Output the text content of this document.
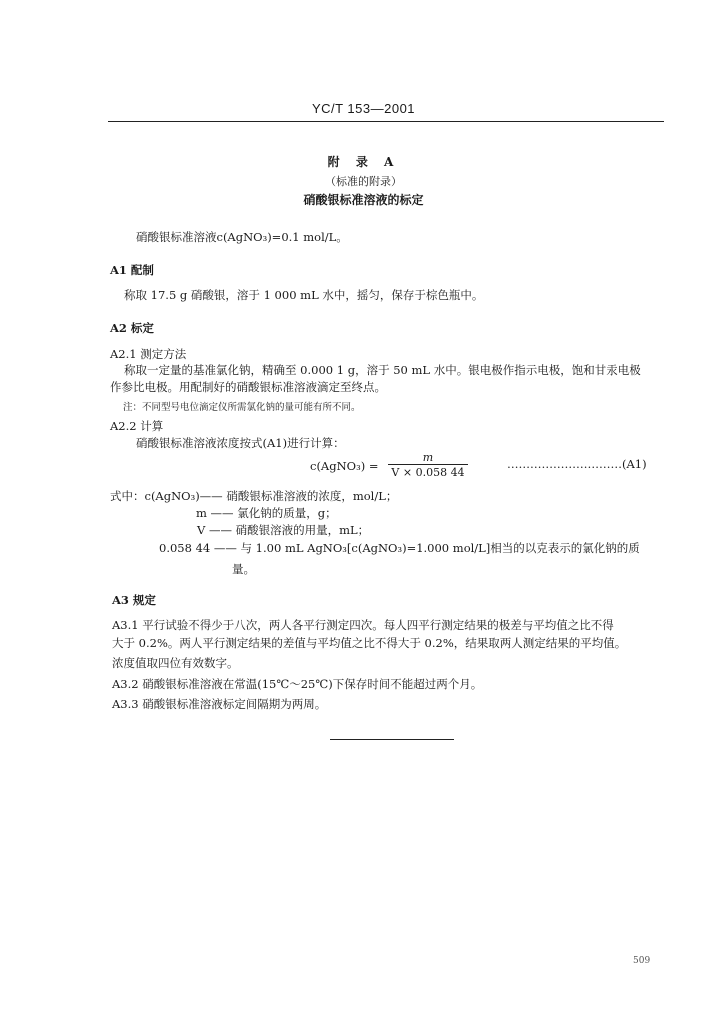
YC/T 153—2001
附 录 A
（标准的附录）
硝酸银标准溶液的标定
硝酸银标准溶液c(AgNO₃)=0.1 mol/L。
A1 配制
称取 17.5 g 硝酸银，溶于 1 000 mL 水中，摇匀，保存于棕色瓶中。
A2 标定
A2.1 测定方法
称取一定量的基准氯化钠，精确至 0.000 1 g，溶于 50 mL 水中。银电极作指示电极，饱和甘汞电极
作参比电极。用配制好的硝酸银标准溶液滴定至终点。
注：不同型号电位滴定仪所需氯化钠的量可能有所不同。
A2.2 计算
硝酸银标准溶液浓度按式(A1)进行计算：
c(AgNO₃) = $\frac{m}{V \times 0.058 44}$	…………………………(A1)
式中：c(AgNO₃)—— 硝酸银标准溶液的浓度，mol/L；
m —— 氯化钠的质量，g；
V —— 硝酸银溶液的用量，mL；
0.058 44 —— 与 1.00 mL AgNO₃[c(AgNO₃)=1.000 mol/L]相当的以克表示的氯化钠的质
量。
A3 规定
A3.1 平行试验不得少于八次，两人各平行测定四次。每人四平行测定结果的极差与平均值之比不得
大于 0.2%。两人平行测定结果的差值与平均值之比不得大于 0.2%，结果取两人测定结果的平均值。
浓度值取四位有效数字。
A3.2 硝酸银标准溶液在常温(15℃～25℃)下保存时间不能超过两个月。
A3.3 硝酸银标准溶液标定间隔期为两周。
509
